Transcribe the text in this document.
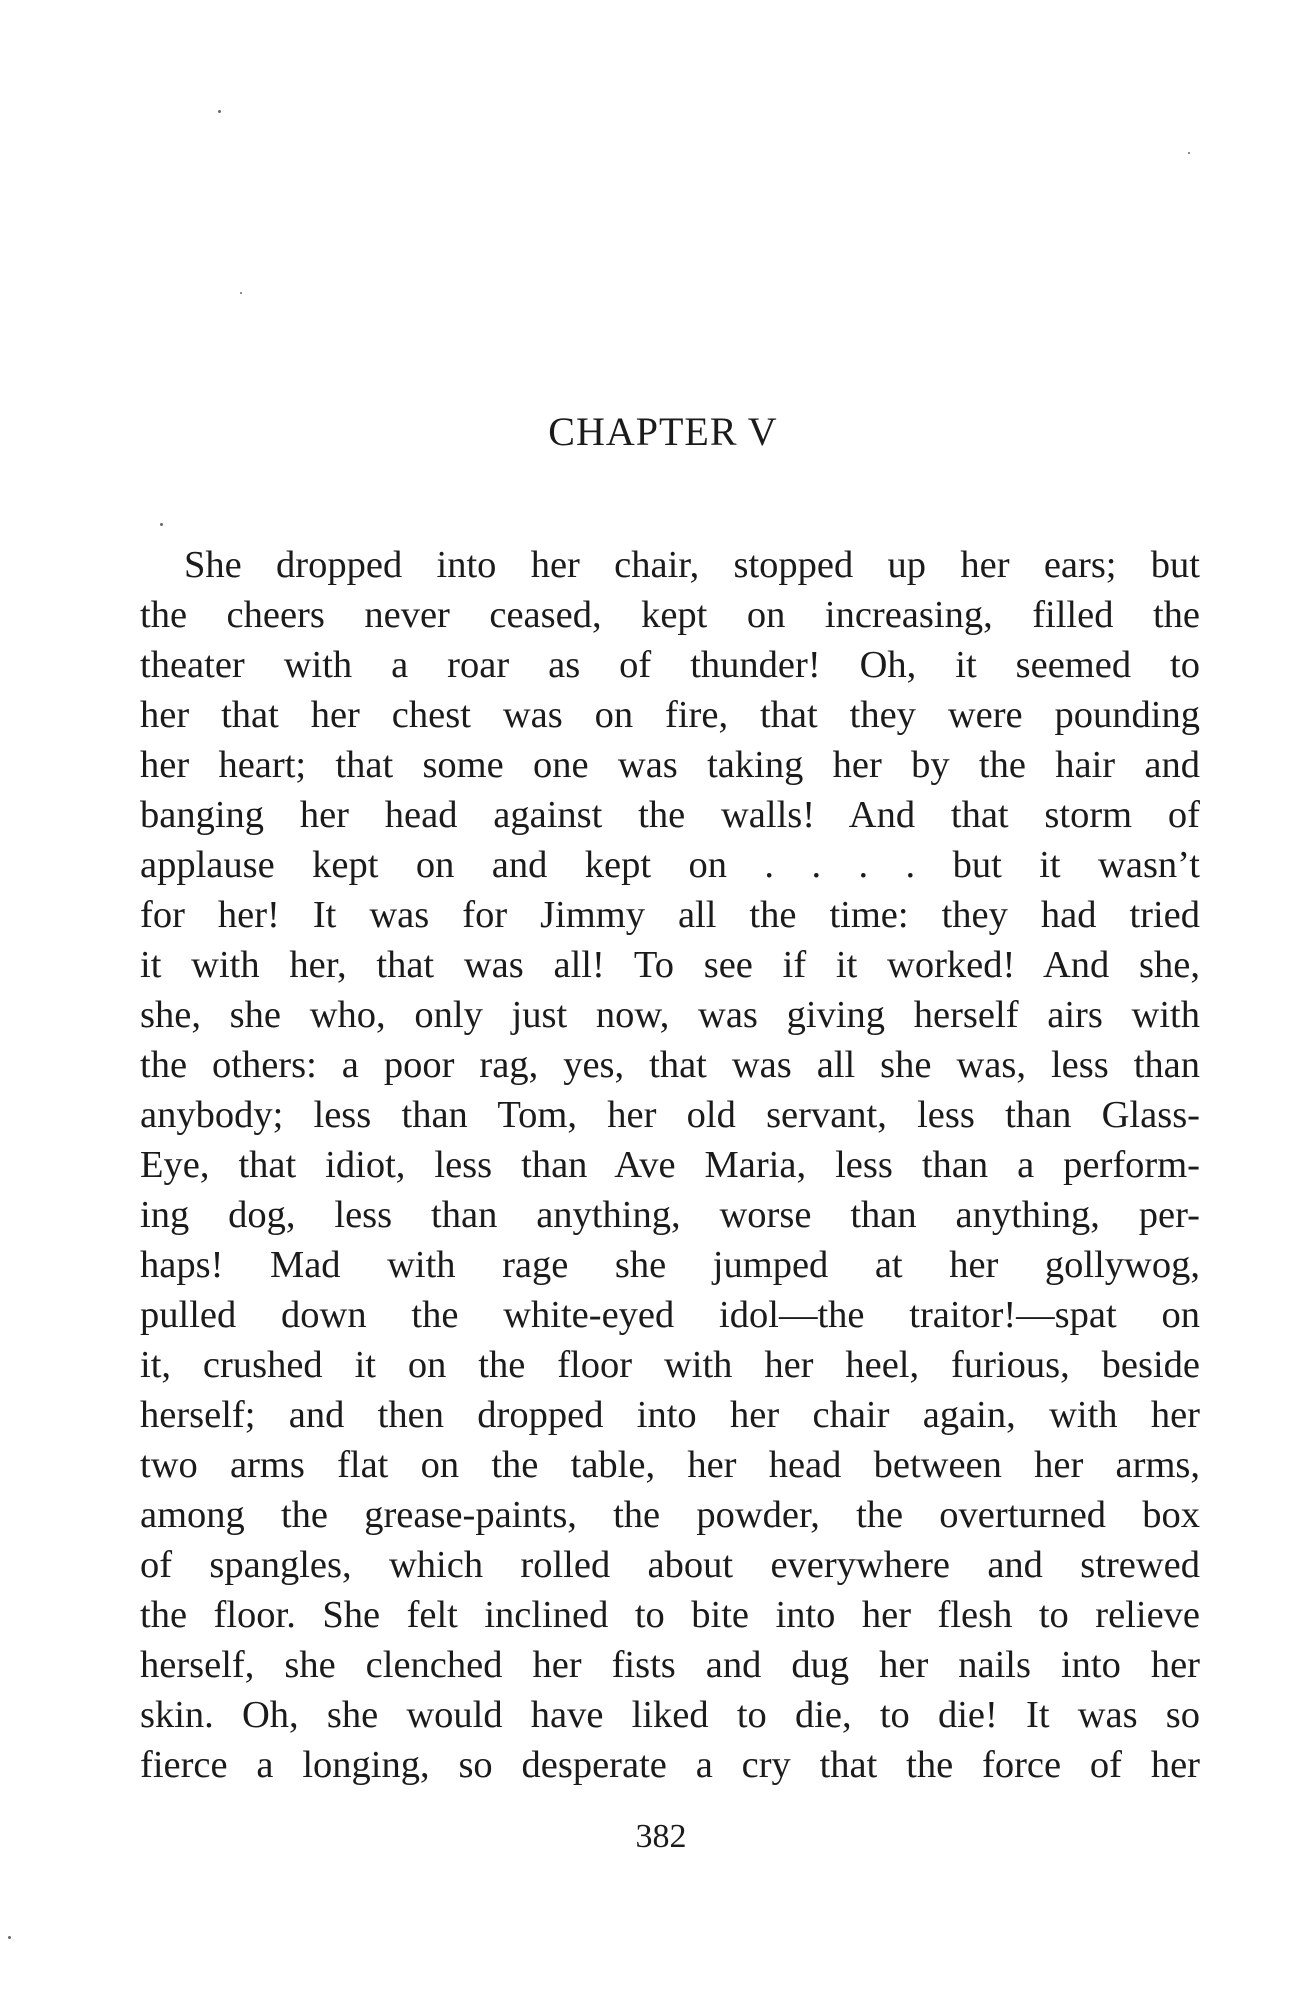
CHAPTER V
She dropped into her chair, stopped up her ears; but
the cheers never ceased, kept on increasing, filled the
theater with a roar as of thunder! Oh, it seemed to
her that her chest was on fire, that they were pounding
her heart; that some one was taking her by the hair and
banging her head against the walls! And that storm of
applause kept on and kept on . . . . but it wasn’t
for her! It was for Jimmy all the time: they had tried
it with her, that was all! To see if it worked! And she,
she, she who, only just now, was giving herself airs with
the others: a poor rag, yes, that was all she was, less than
anybody; less than Tom, her old servant, less than Glass-
Eye, that idiot, less than Ave Maria, less than a perform-
ing dog, less than anything, worse than anything, per-
haps! Mad with rage she jumped at her gollywog,
pulled down the white-eyed idol—the traitor!—spat on
it, crushed it on the floor with her heel, furious, beside
herself; and then dropped into her chair again, with her
two arms flat on the table, her head between her arms,
among the grease-paints, the powder, the overturned box
of spangles, which rolled about everywhere and strewed
the floor. She felt inclined to bite into her flesh to relieve
herself, she clenched her fists and dug her nails into her
skin. Oh, she would have liked to die, to die! It was so
fierce a longing, so desperate a cry that the force of her

382
